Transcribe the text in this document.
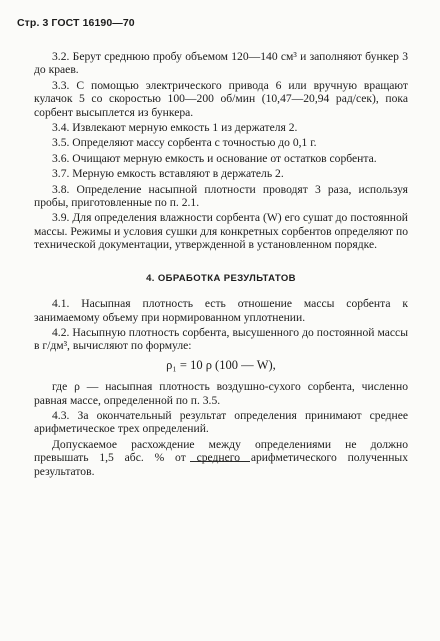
Стр. 3 ГОСТ 16190—70

3.2. Берут среднюю пробу объемом 120—140 см³ и заполняют бункер 3 до краев.

3.3. С помощью электрического привода 6 или вручную вращают кулачок 5 со скоростью 100—200 об/мин (10,47—20,94 рад/сек), пока сорбент высыплется из бункера.

3.4. Извлекают мерную емкость 1 из держателя 2.

3.5. Определяют массу сорбента с точностью до 0,1 г.

3.6. Очищают мерную емкость и основание от остатков сорбента.

3.7. Мерную емкость вставляют в держатель 2.

3.8. Определение насыпной плотности проводят 3 раза, используя пробы, приготовленные по п. 2.1.

3.9. Для определения влажности сорбента (W) его сушат до постоянной массы. Режимы и условия сушки для конкретных сорбентов определяют по технической документации, утвержденной в установленном порядке.

4. ОБРАБОТКА РЕЗУЛЬТАТОВ

4.1. Насыпная плотность есть отношение массы сорбента к занимаемому объему при нормированном уплотнении.

4.2. Насыпную плотность сорбента, высушенного до постоянной массы в г/дм³, вычисляют по формуле:

ρ₁ = 10 ρ (100 — W),

где ρ — насыпная плотность воздушно-сухого сорбента, численно равная массе, определенной по п. 3.5.

4.3. За окончательный результат определения принимают среднее арифметическое трех определений.

Допускаемое расхождение между определениями не должно превышать 1,5 абс. % от среднего арифметического полученных результатов.
